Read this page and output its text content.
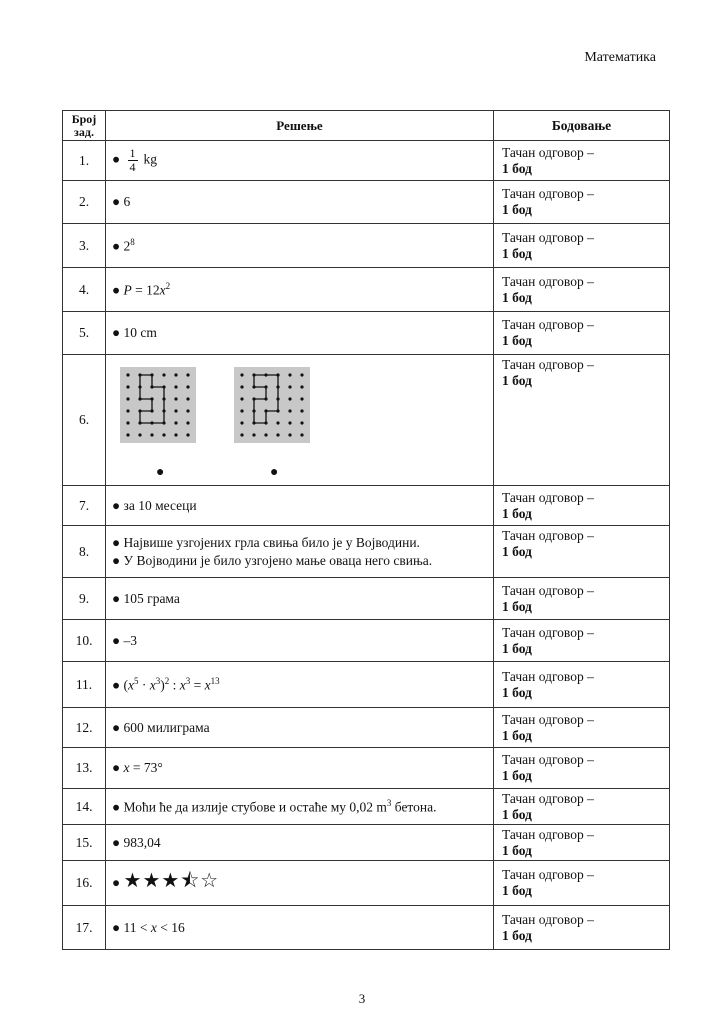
Математика
Број
зад.	Решење	Бодовање
1.	● $\frac{1}{4}$ kg	Тачан одговор –
1 бод
2.	● 6	Тачан одговор –
1 бод
3.	● $2^8$	Тачан одговор –
1 бод
4.	● $P = 12x^2$	Тачан одговор –
1 бод
5.	● 10 cm	Тачан одговор –
1 бод
6.	● ●	Тачан одговор –
1 бод
7.	● за 10 месеци	Тачан одговор –
1 бод
8.	● Највише узгојених грла свиња било је у Војводини.
● У Војводини је било узгојено мање оваца него свиња.	Тачан одговор –
1 бод
9.	● 105 грама	Тачан одговор –
1 бод
10.	● –3	Тачан одговор –
1 бод
11.	● $(x^5 \cdot x^3)^2$ : $x^3 = x^{13}$	Тачан одговор –
1 бод
12.	● 600 милиграма	Тачан одговор –
1 бод
13.	● x = 73°	Тачан одговор –
1 бод
14.	● Моћи ће да излије стубове и остаће му 0,02 $m^3$ бетона.	Тачан одговор –
1 бод
15.	● 983,04	Тачан одговор –
1 бод
16.	● ★★★⯪☆	Тачан одговор –
1 бод
17.	● 11 < x < 16	Тачан одговор –
1 бод
3
